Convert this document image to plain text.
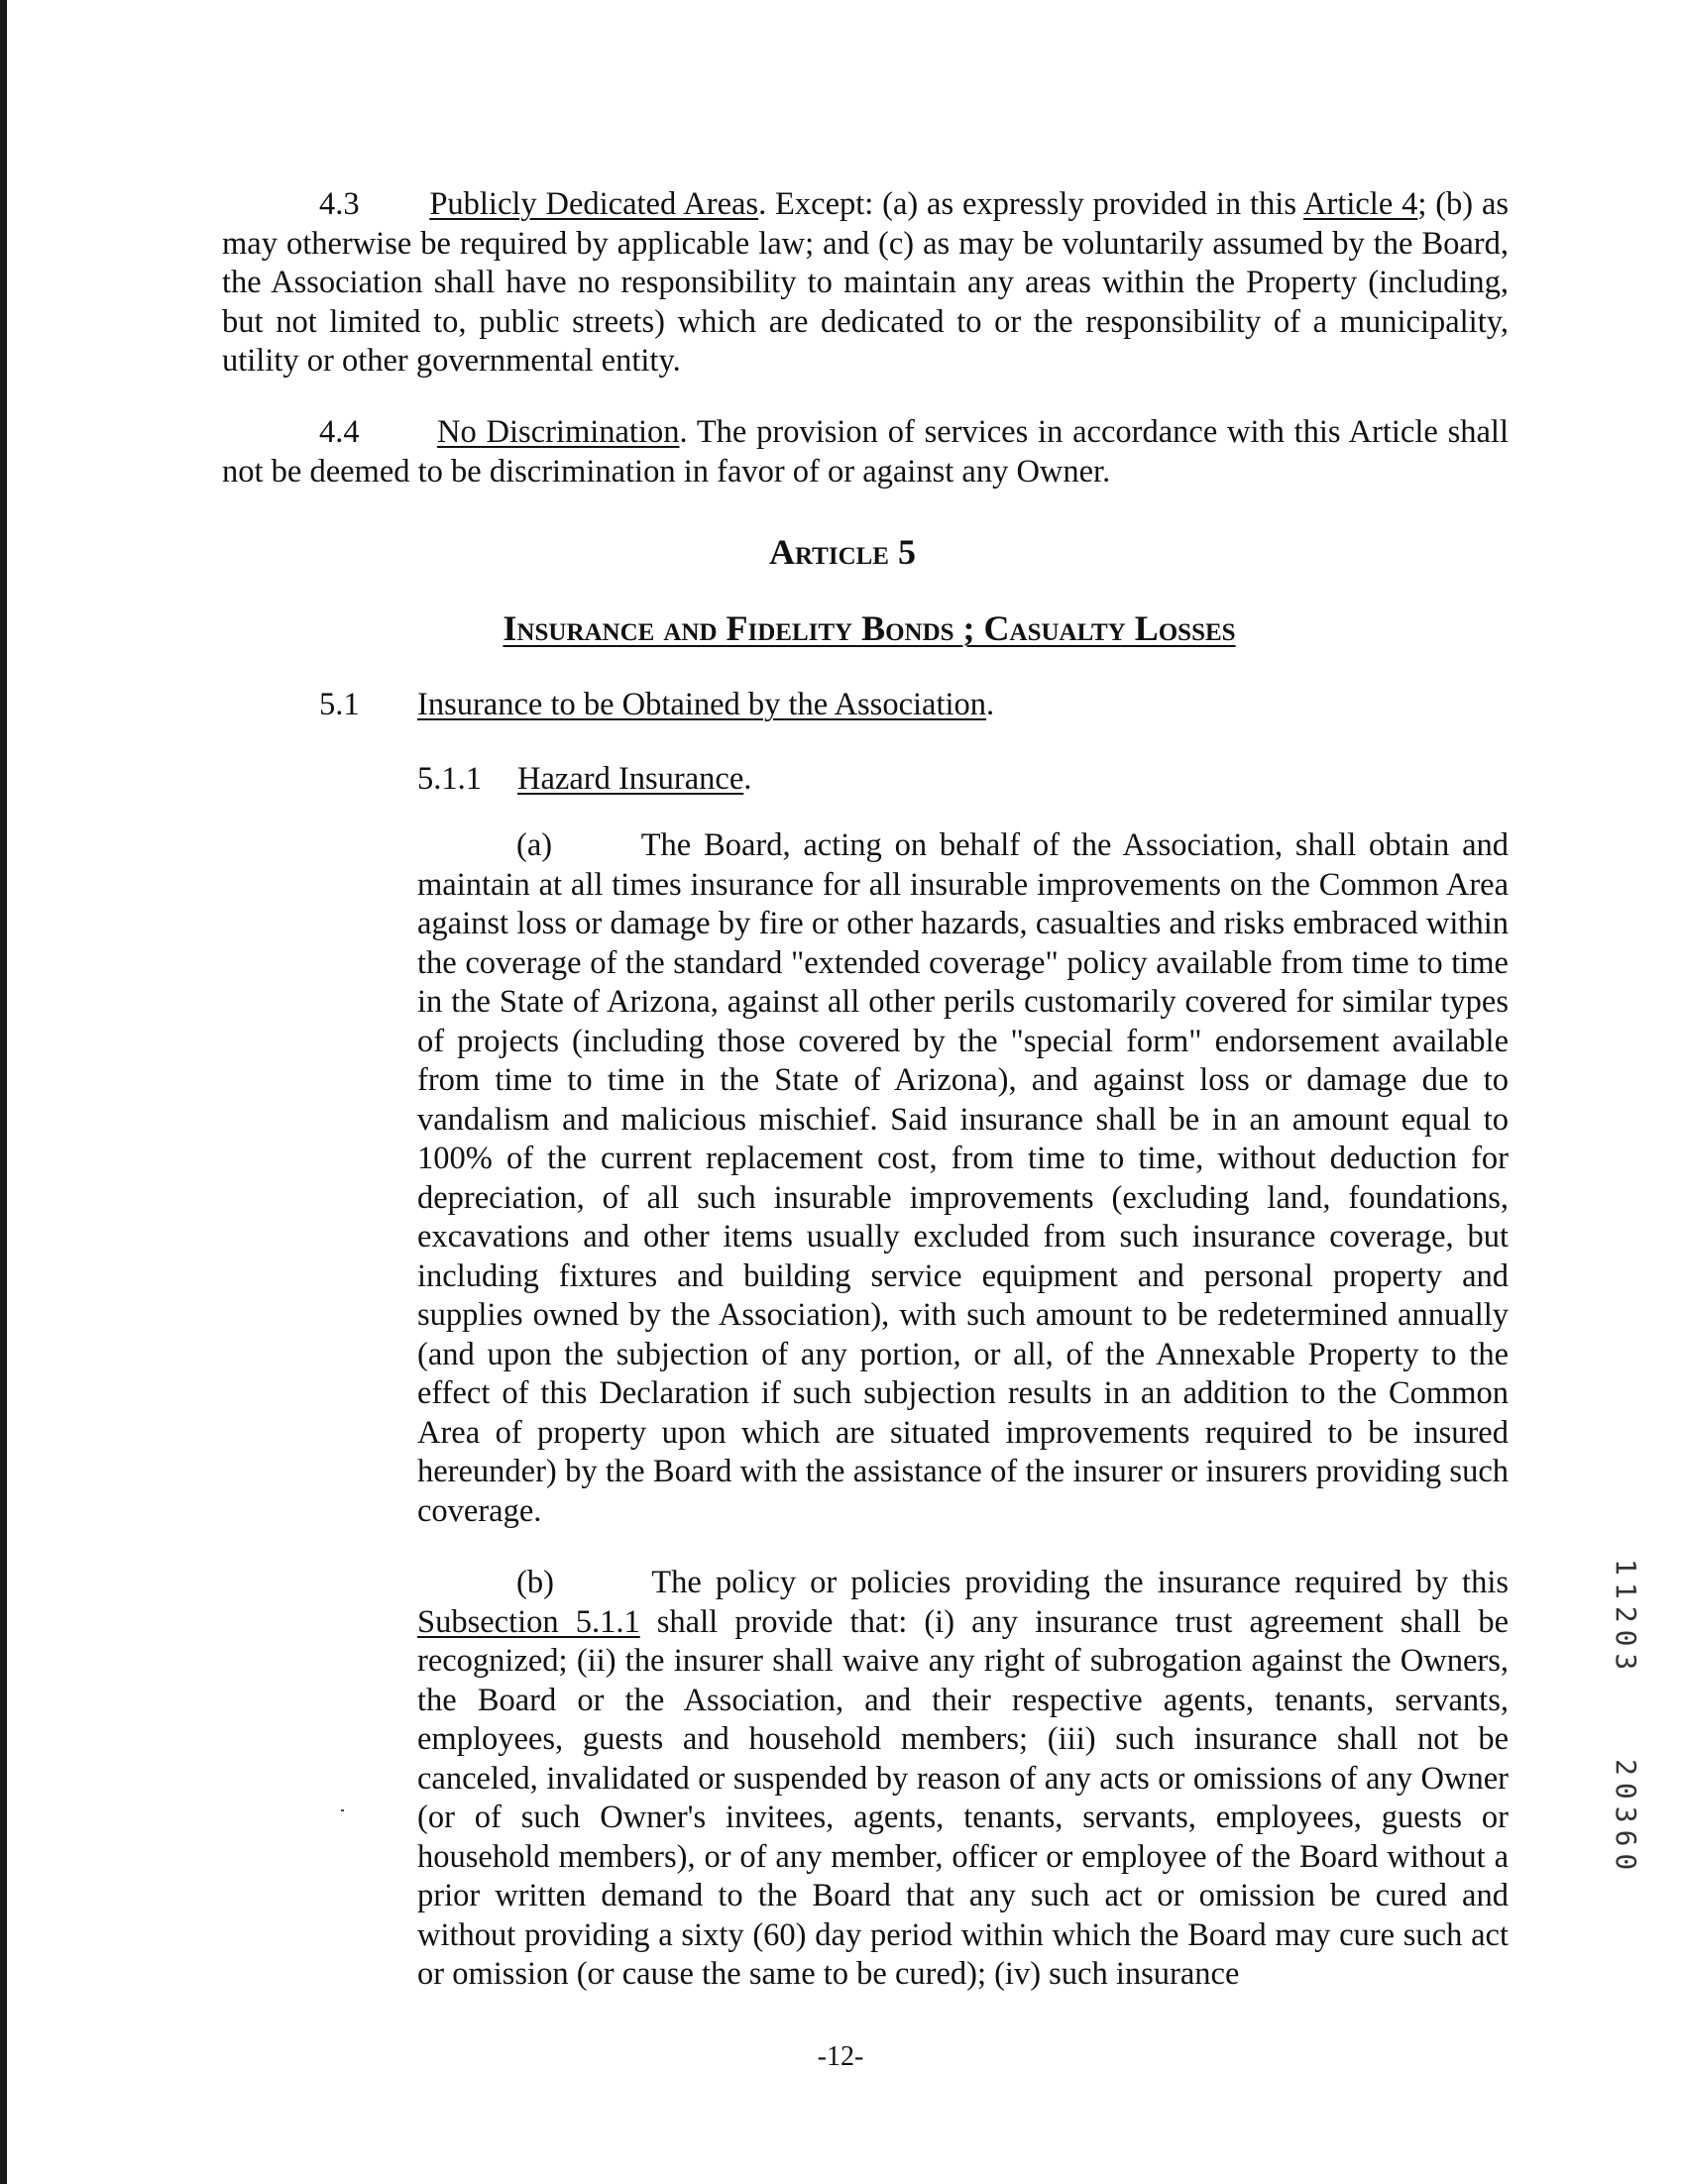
4.3 Publicly Dedicated Areas. Except: (a) as expressly provided in this Article 4; (b) as may otherwise be required by applicable law; and (c) as may be voluntarily assumed by the Board, the Association shall have no responsibility to maintain any areas within the Property (including, but not limited to, public streets) which are dedicated to or the responsibility of a municipality, utility or other governmental entity.

4.4 No Discrimination. The provision of services in accordance with this Article shall not be deemed to be discrimination in favor of or against any Owner.

Article 5
Insurance and Fidelity Bonds ; Casualty Losses
5.1 Insurance to be Obtained by the Association.
5.1.1 Hazard Insurance.

(a)	The Board, acting on behalf of the Association, shall obtain and maintain at all times insurance for all insurable improvements on the Common Area against loss or damage by fire or other hazards, casualties and risks embraced within the coverage of the standard "extended coverage" policy available from time to time in the State of Arizona, against all other perils customarily covered for similar types of projects (including those covered by the "special form" endorsement available from time to time in the State of Arizona), and against loss or damage due to vandalism and malicious mischief. Said insurance shall be in an amount equal to 100% of the current replacement cost, from time to time, without deduction for depreciation, of all such insurable improvements (excluding land, foundations, excavations and other items usually excluded from such insurance coverage, but including fixtures and building service equipment and personal property and supplies owned by the Association), with such amount to be redetermined annually (and upon the subjection of any portion, or all, of the Annexable Property to the effect of this Declaration if such subjection results in an addition to the Common Area of property upon which are situated improvements required to be insured hereunder) by the Board with the assistance of the insurer or insurers providing such coverage.

(b)	The policy or policies providing the insurance required by this Subsection 5.1.1 shall provide that: (i) any insurance trust agreement shall be recognized; (ii) the insurer shall waive any right of subrogation against the Owners, the Board or the Association, and their respective agents, tenants, servants, employees, guests and household members; (iii) such insurance shall not be canceled, invalidated or suspended by reason of any acts or omissions of any Owner (or of such Owner's invitees, agents, tenants, servants, employees, guests or household members), or of any member, officer or employee of the Board without a prior written demand to the Board that any such act or omission be cured and without providing a sixty (60) day period within which the Board may cure such act or omission (or cause the same to be cured); (iv) such insurance

11203
20360
-12-
